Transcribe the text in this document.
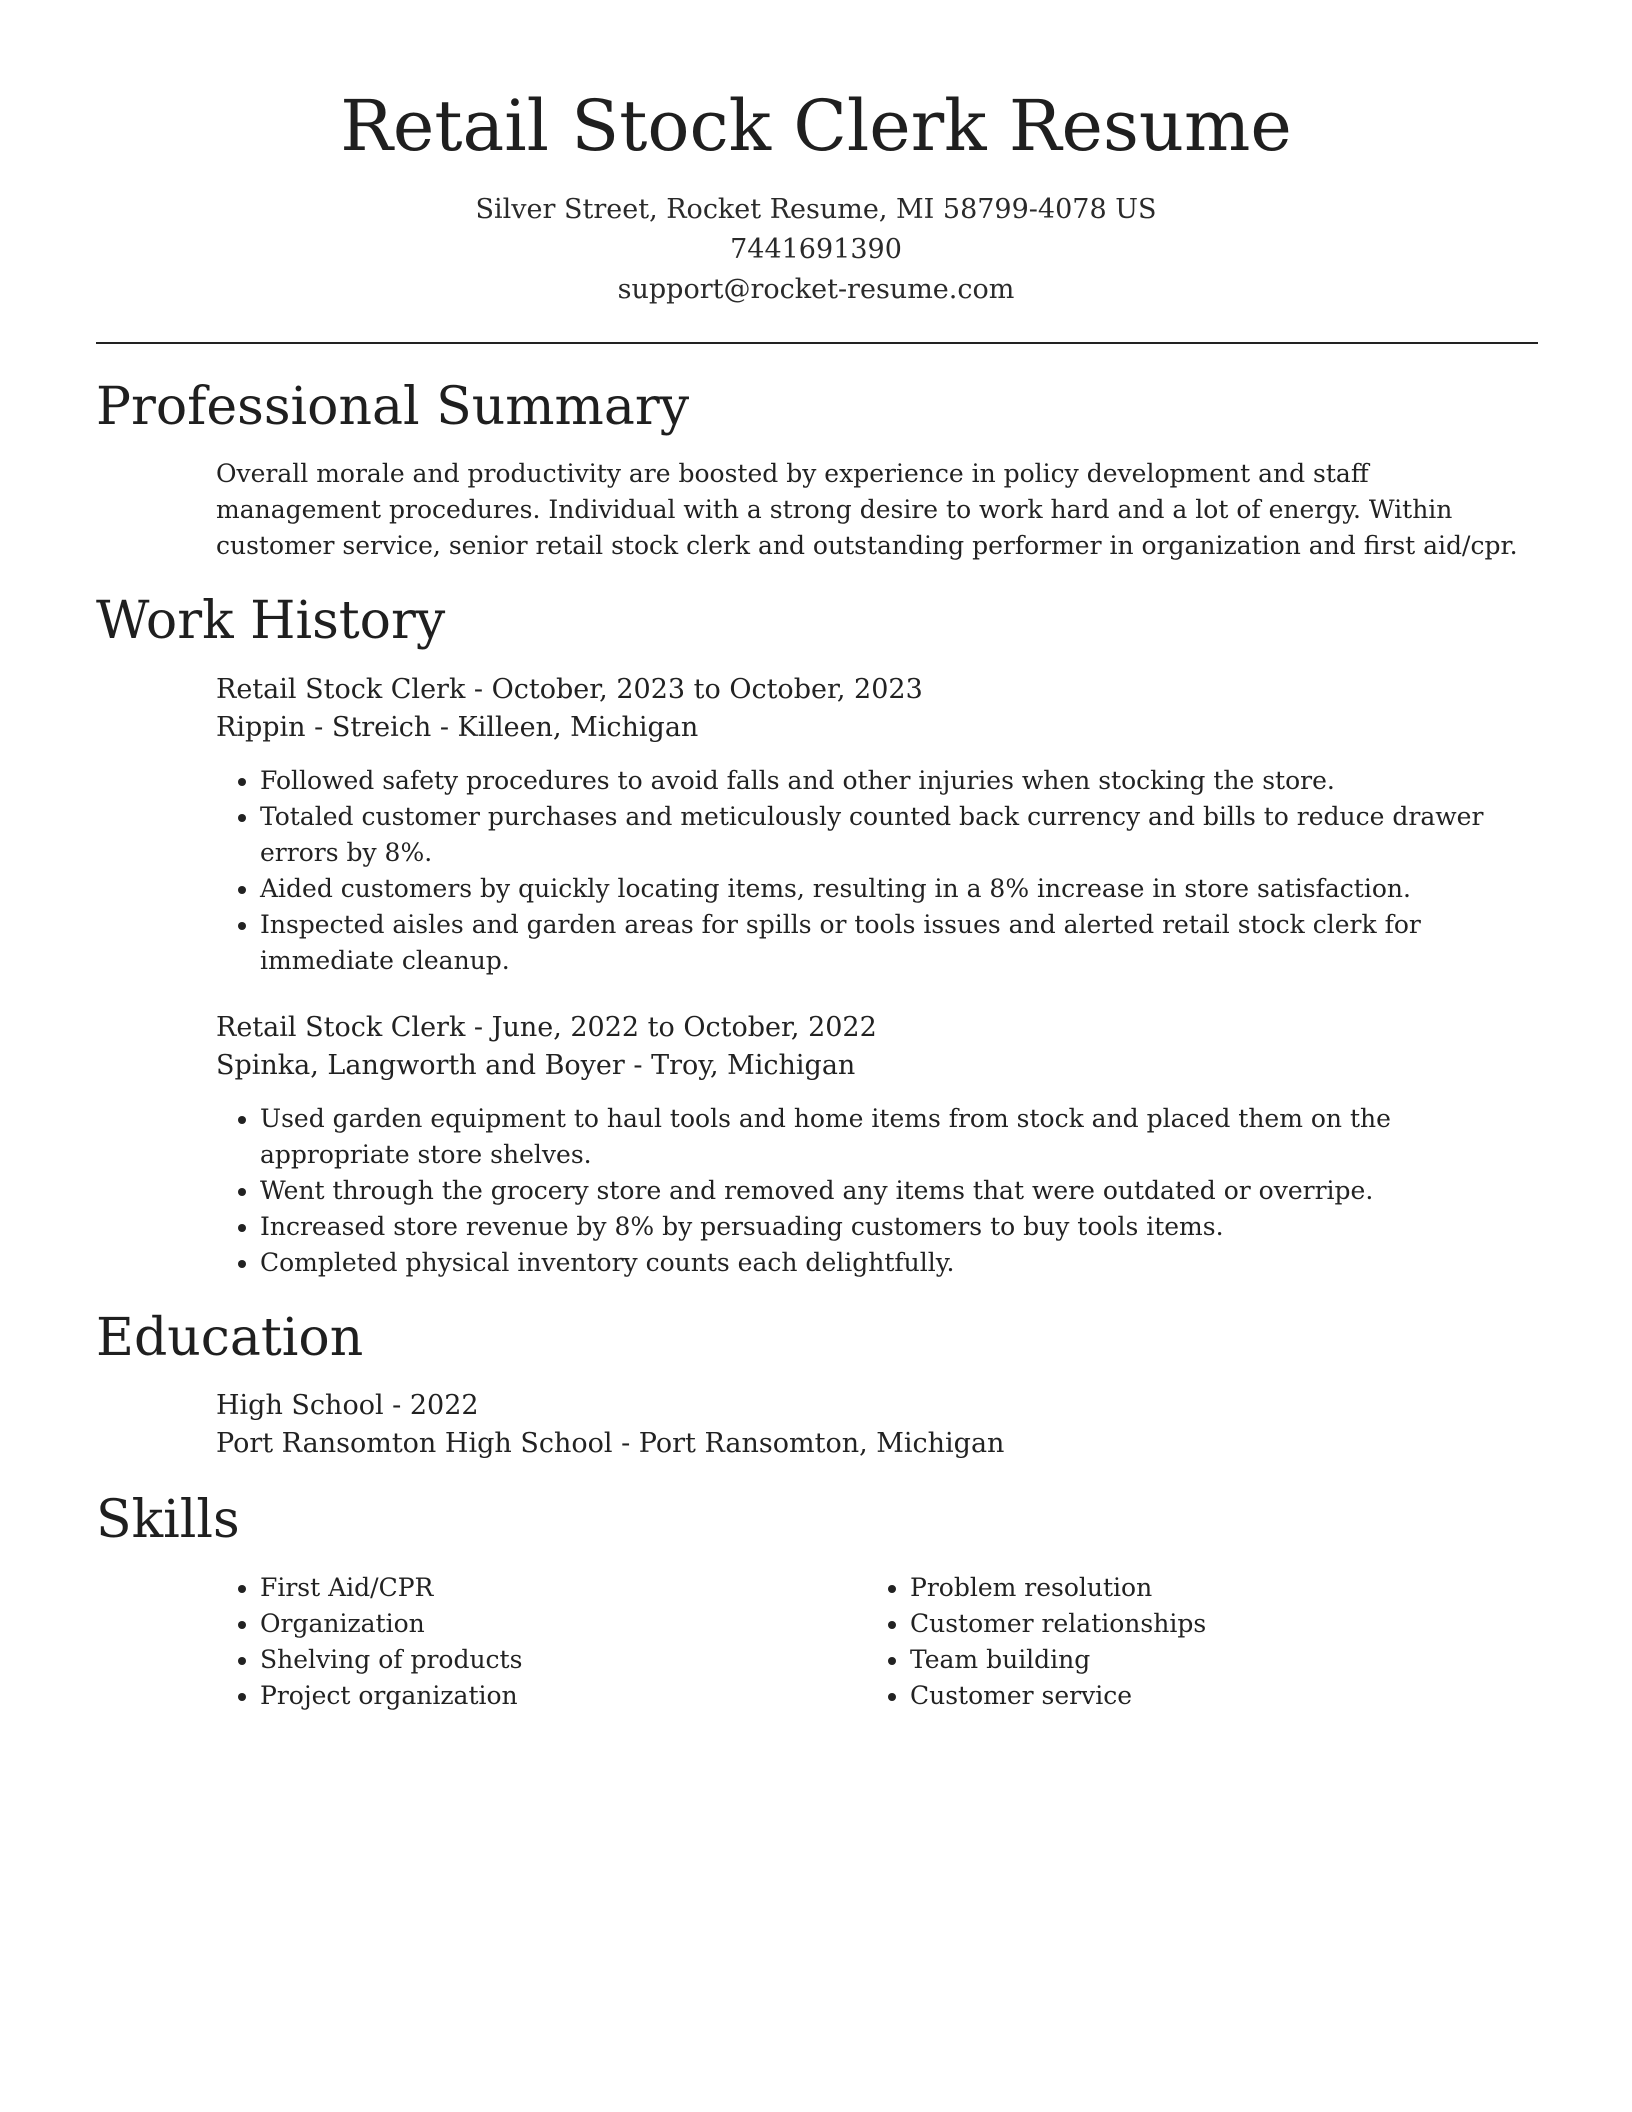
Retail Stock Clerk Resume
Silver Street, Rocket Resume, MI 58799-4078 US
7441691390
support@rocket-resume.com
Professional Summary
Overall morale and productivity are boosted by experience in policy development and staff management procedures. Individual with a strong desire to work hard and a lot of energy. Within customer service, senior retail stock clerk and outstanding performer in organization and first aid/cpr.
Work History
Retail Stock Clerk - October, 2023 to October, 2023
Rippin - Streich - Killeen, Michigan
• Followed safety procedures to avoid falls and other injuries when stocking the store.
• Totaled customer purchases and meticulously counted back currency and bills to reduce drawer errors by 8%.
• Aided customers by quickly locating items, resulting in a 8% increase in store satisfaction.
• Inspected aisles and garden areas for spills or tools issues and alerted retail stock clerk for immediate cleanup.
Retail Stock Clerk - June, 2022 to October, 2022
Spinka, Langworth and Boyer - Troy, Michigan
• Used garden equipment to haul tools and home items from stock and placed them on the appropriate store shelves.
• Went through the grocery store and removed any items that were outdated or overripe.
• Increased store revenue by 8% by persuading customers to buy tools items.
• Completed physical inventory counts each delightfully.
Education
High School - 2022
Port Ransomton High School - Port Ransomton, Michigan
Skills
• First Aid/CPR
• Organization
• Shelving of products
• Project organization
• Problem resolution
• Customer relationships
• Team building
• Customer service
